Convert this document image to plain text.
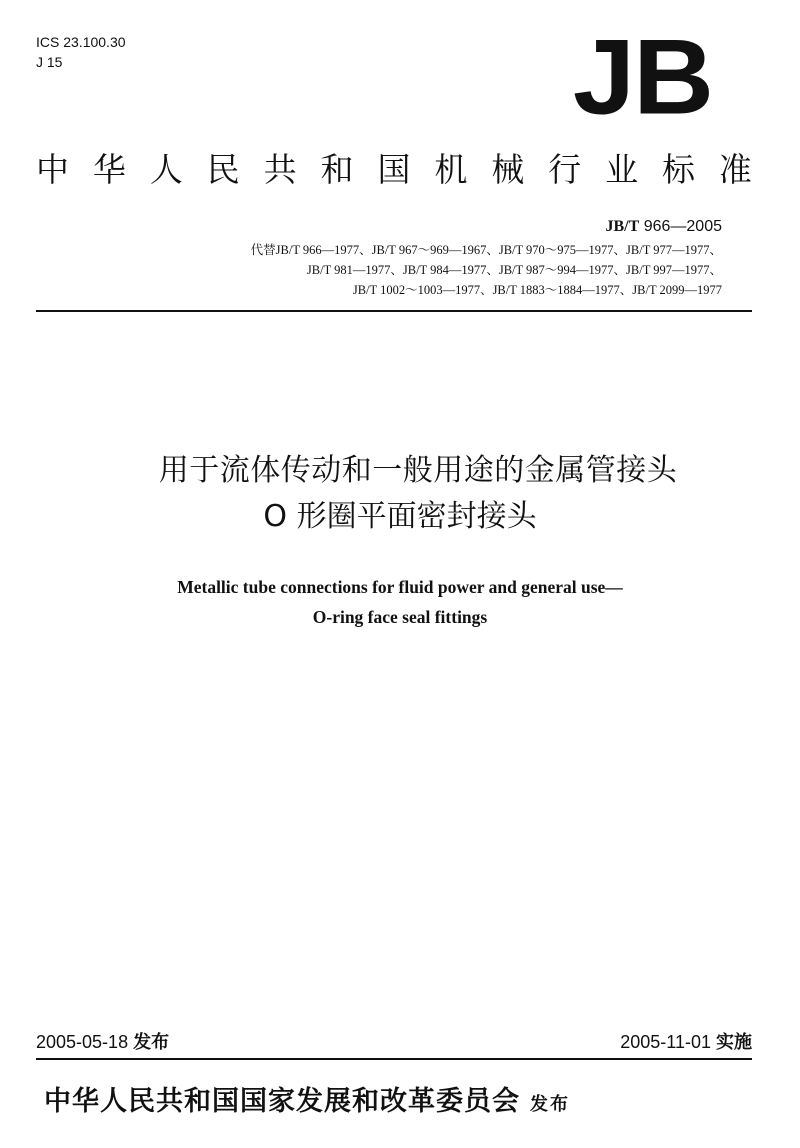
ICS 23.100.30
J 15	JB
中 华 人 民 共 和 国 机 械 行 业 标 准
JB/T 966—2005
代替JB/T 966—1977、JB/T 967～969—1967、JB/T 970～975—1977、JB/T 977—1977、
JB/T 981—1977、JB/T 984—1977、JB/T 987～994—1977、JB/T 997—1977、
JB/T 1002～1003—1977、JB/T 1883～1884—1977、JB/T 2099—1977
用于流体传动和一般用途的金属管接头
O 形圈平面密封接头
Metallic tube connections for fluid power and general use—
O-ring face seal fittings
2005-05-18 发布	2005-11-01 实施
中华人民共和国国家发展和改革委员会 发布
